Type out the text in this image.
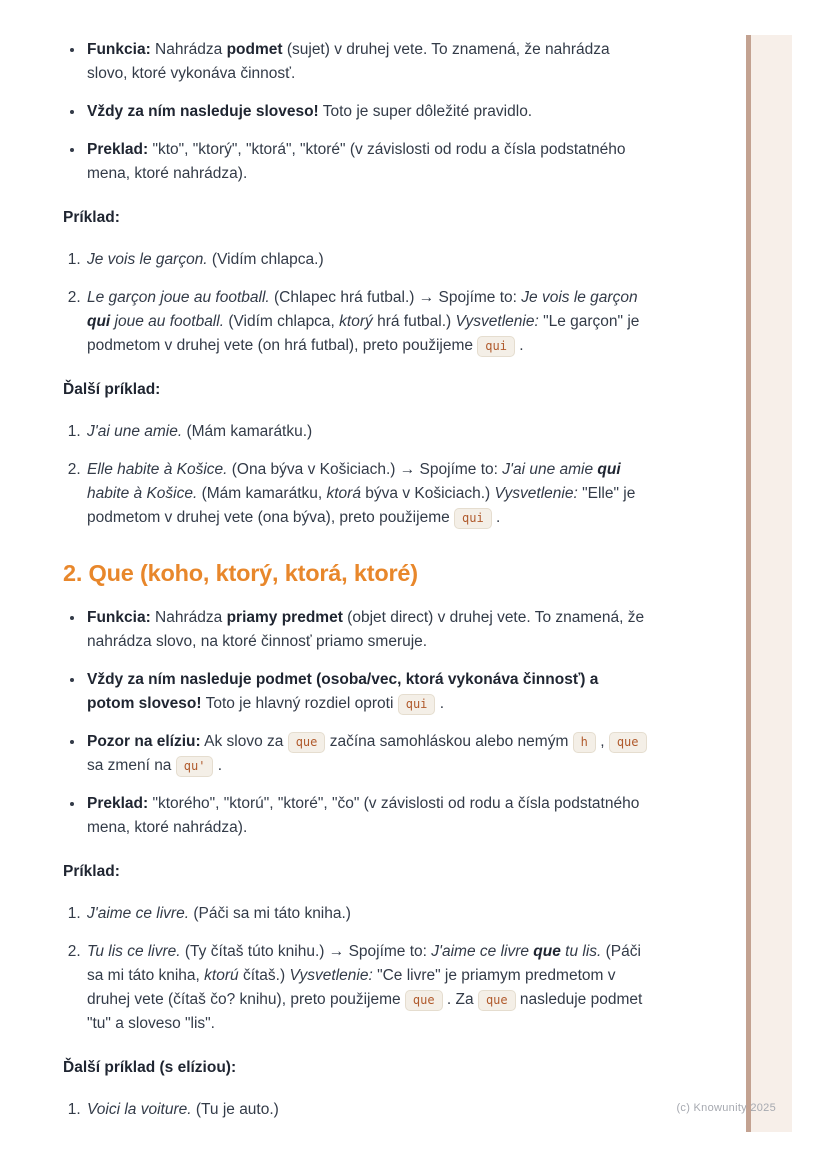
• Funkcia: Nahrádza podmet (sujet) v druhej vete. To znamená, že nahrádza slovo, ktoré vykonáva činnosť.
• Vždy za ním nasleduje sloveso! Toto je super dôležité pravidlo.
• Preklad: "kto", "ktorý", "ktorá", "ktoré" (v závislosti od rodu a čísla podstatného mena, ktoré nahrádza).
Príklad:
1. Je vois le garçon. (Vidím chlapca.)
2. Le garçon joue au football. (Chlapec hrá futbal.) → Spojíme to: Je vois le garçon qui joue au football. (Vidím chlapca, ktorý hrá futbal.) Vysvetlenie: "Le garçon" je podmetom v druhej vete (on hrá futbal), preto použijeme qui .
Ďalší príklad:
1. J'ai une amie. (Mám kamarátku.)
2. Elle habite à Košice. (Ona býva v Košiciach.) → Spojíme to: J'ai une amie qui habite à Košice. (Mám kamarátku, ktorá býva v Košiciach.) Vysvetlenie: "Elle" je podmetom v druhej vete (ona býva), preto použijeme qui .
2. Que (koho, ktorý, ktorá, ktoré)
• Funkcia: Nahrádza priamy predmet (objet direct) v druhej vete. To znamená, že nahrádza slovo, na ktoré činnosť priamo smeruje.
• Vždy za ním nasleduje podmet (osoba/vec, ktorá vykonáva činnosť) a potom sloveso! Toto je hlavný rozdiel oproti qui .
• Pozor na elíziu: Ak slovo za que začína samohláskou alebo nemým h , que sa zmení na qu' .
• Preklad: "ktorého", "ktorú", "ktoré", "čo" (v závislosti od rodu a čísla podstatného mena, ktoré nahrádza).
Príklad:
1. J'aime ce livre. (Páči sa mi táto kniha.)
2. Tu lis ce livre. (Ty čítaš túto knihu.) → Spojíme to: J'aime ce livre que tu lis. (Páči sa mi táto kniha, ktorú čítaš.) Vysvetlenie: "Ce livre" je priamym predmetom v druhej vete (čítaš čo? knihu), preto použijeme que . Za que nasleduje podmet "tu" a sloveso "lis".
Ďalší príklad (s elíziou):
1. Voici la voiture. (Tu je auto.)	(c) Knowunity 2025
